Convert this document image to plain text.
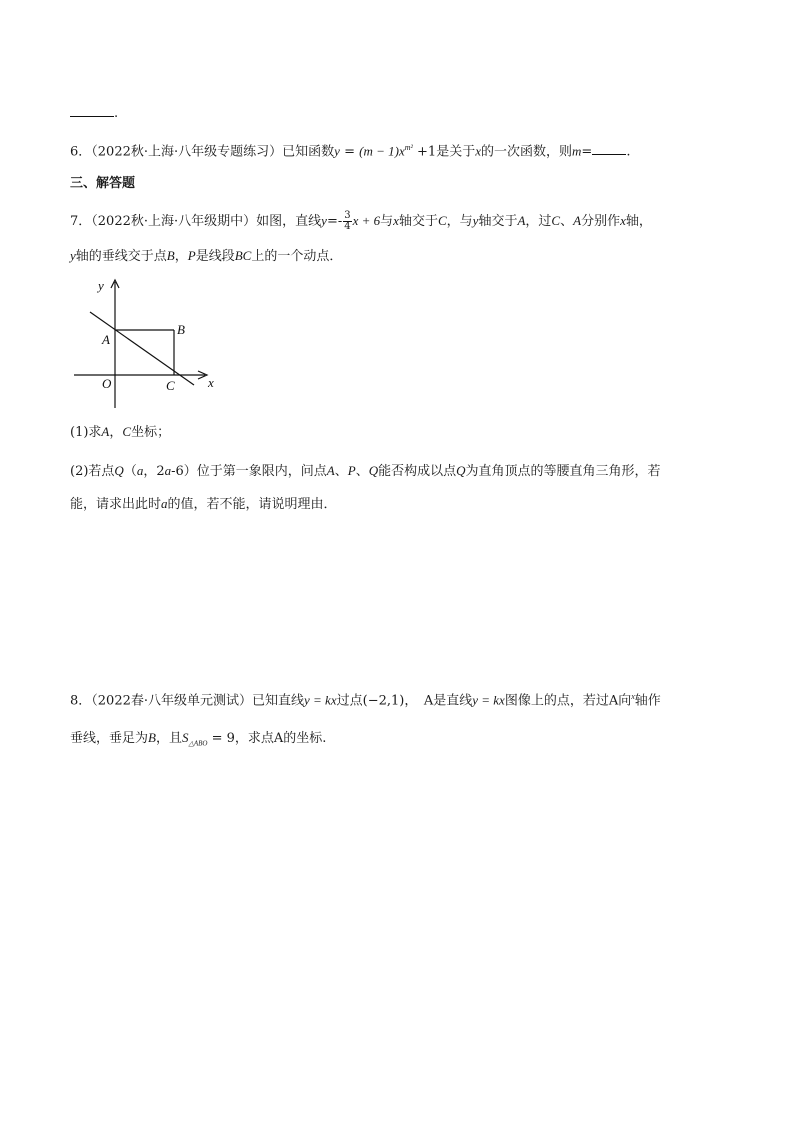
.
6．（2022秋·上海·八年级专题练习）已知函数$y = (m - 1)x^{m^2} +1$是关于x的一次函数，则m=	.
三、解答题
7．（2022秋·上海·八年级期中）如图，直线$y=- \frac{3}{4}$ x + 6与x轴交于C，与y轴交于A，过C、A分别作x轴，
y轴的垂线交于点B，P是线段BC上的一个动点．
y
x
A
B
O	C
(1)求A，C坐标；
(2)若点Q（a，2a-6）位于第一象限内，问点A、P、Q能否构成以点Q为直角顶点的等腰直角三角形，若
能，请求出此时a的值，若不能，请说明理由．
8．（2022春·八年级单元测试）已知直线y = kx过点(−2,1)，　A是直线y = kx图像上的点，若过A向$^x$轴作
垂线，垂足为B，且$S_{\triangle ABO} = 9$，求点A的坐标.
